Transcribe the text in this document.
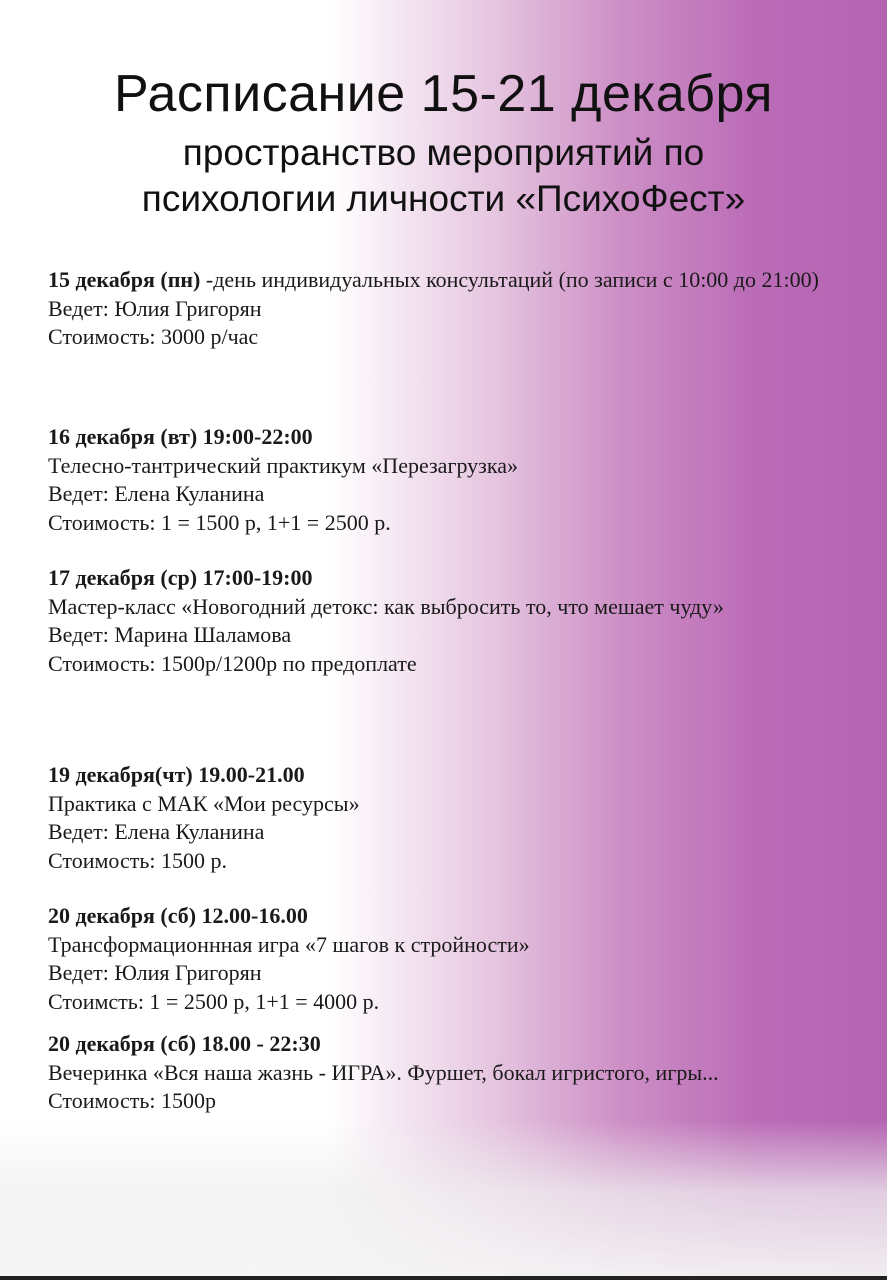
Расписание 15-21 декабря
пространство мероприятий по
психологии личности «ПсихоФест»
15 декабря (пн) -день индивидуальных консультаций (по записи с 10:00 до 21:00)
Ведет: Юлия Григорян
Стоимость: 3000 р/час
16 декабря (вт) 19:00-22:00
Телесно-тантрический практикум «Перезагрузка»
Ведет: Елена Куланина
Стоимость: 1 = 1500 р, 1+1 = 2500 р.
17 декабря (ср) 17:00-19:00
Мастер-класс «Новогодний детокс: как выбросить то, что мешает чуду»
Ведет: Марина Шаламова
Стоимость: 1500р/1200р по предоплате
19 декабря(чт) 19.00-21.00
Практика с МАК «Мои ресурсы»
Ведет: Елена Куланина
Стоимость: 1500 р.
20 декабря (сб) 12.00-16.00
Трансформационнная игра «7 шагов к стройности»
Ведет: Юлия Григорян
Стоимсть: 1 = 2500 р, 1+1 = 4000 р.
20 декабря (сб) 18.00 - 22:30
Вечеринка «Вся наша жазнь - ИГРА». Фуршет, бокал игристого, игры...
Стоимость: 1500р
